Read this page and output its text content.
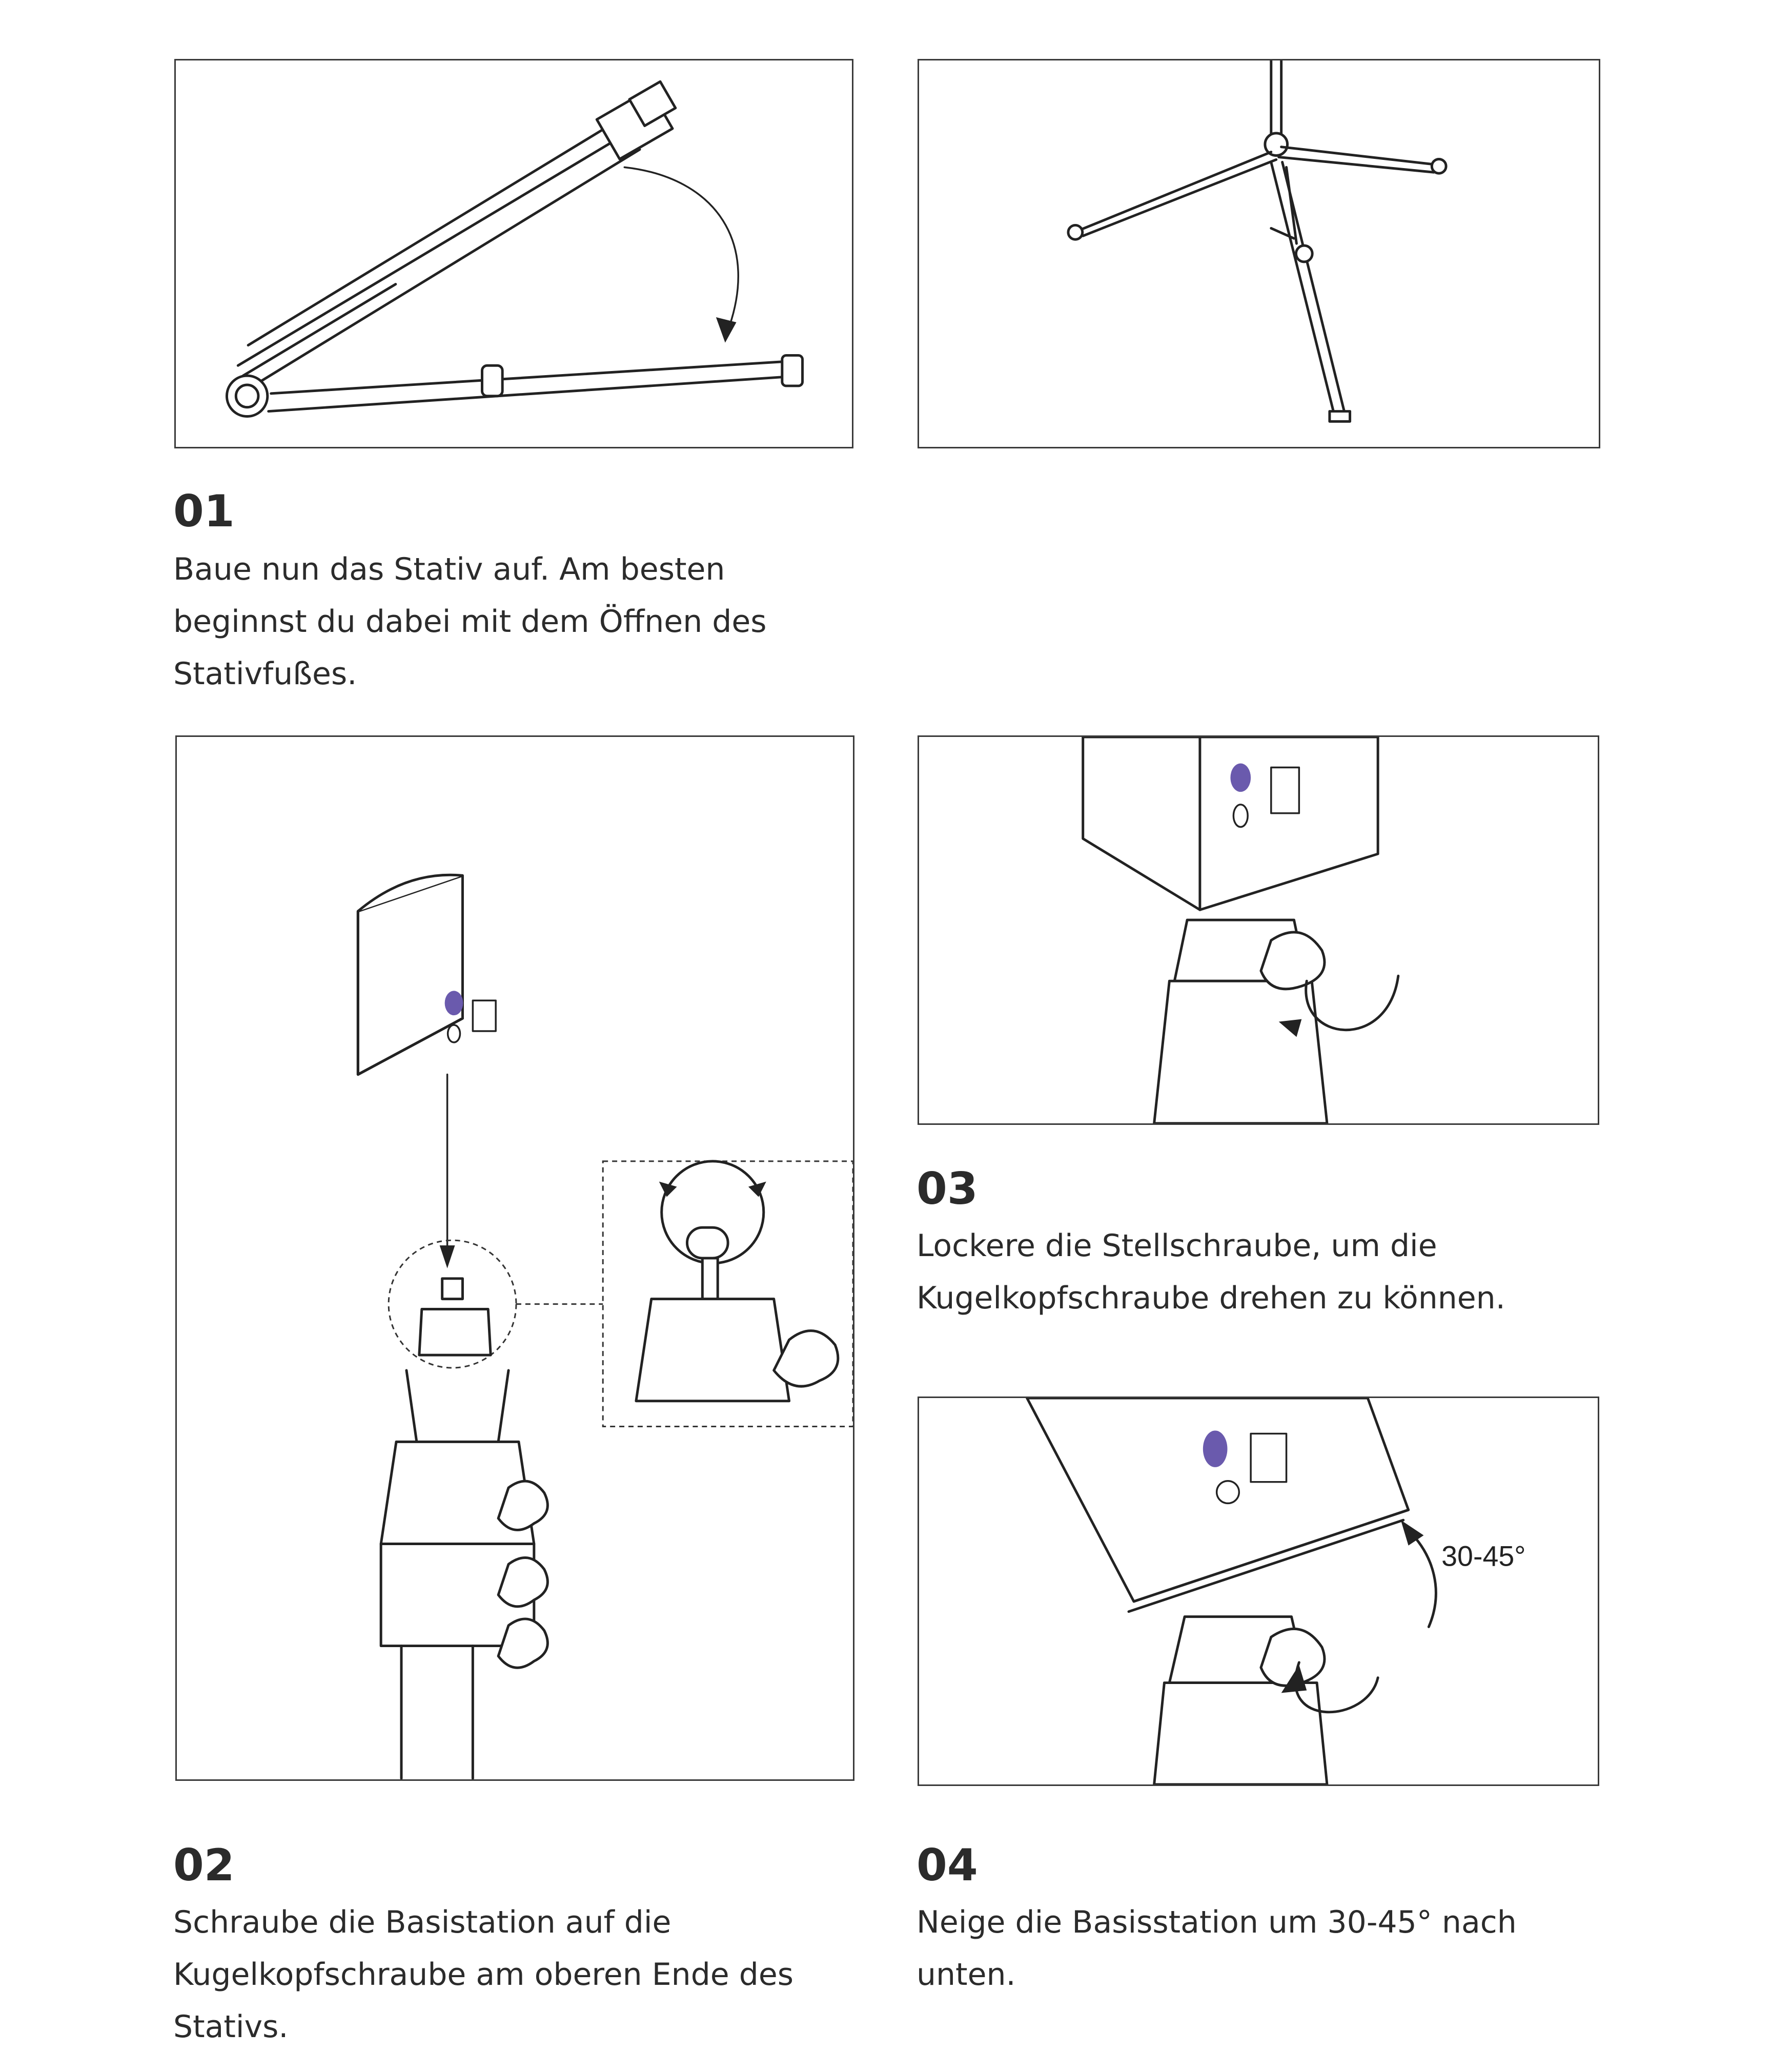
30-45°
01
Baue nun das Stativ auf. Am besten
beginnst du dabei mit dem Öffnen des
Stativfußes.
03
Lockere die Stellschraube, um die
Kugelkopfschraube drehen zu können.
02
Schraube die Basistation auf die
Kugelkopfschraube am oberen Ende des
Stativs.
04
Neige die Basisstation um 30-45° nach
unten.
